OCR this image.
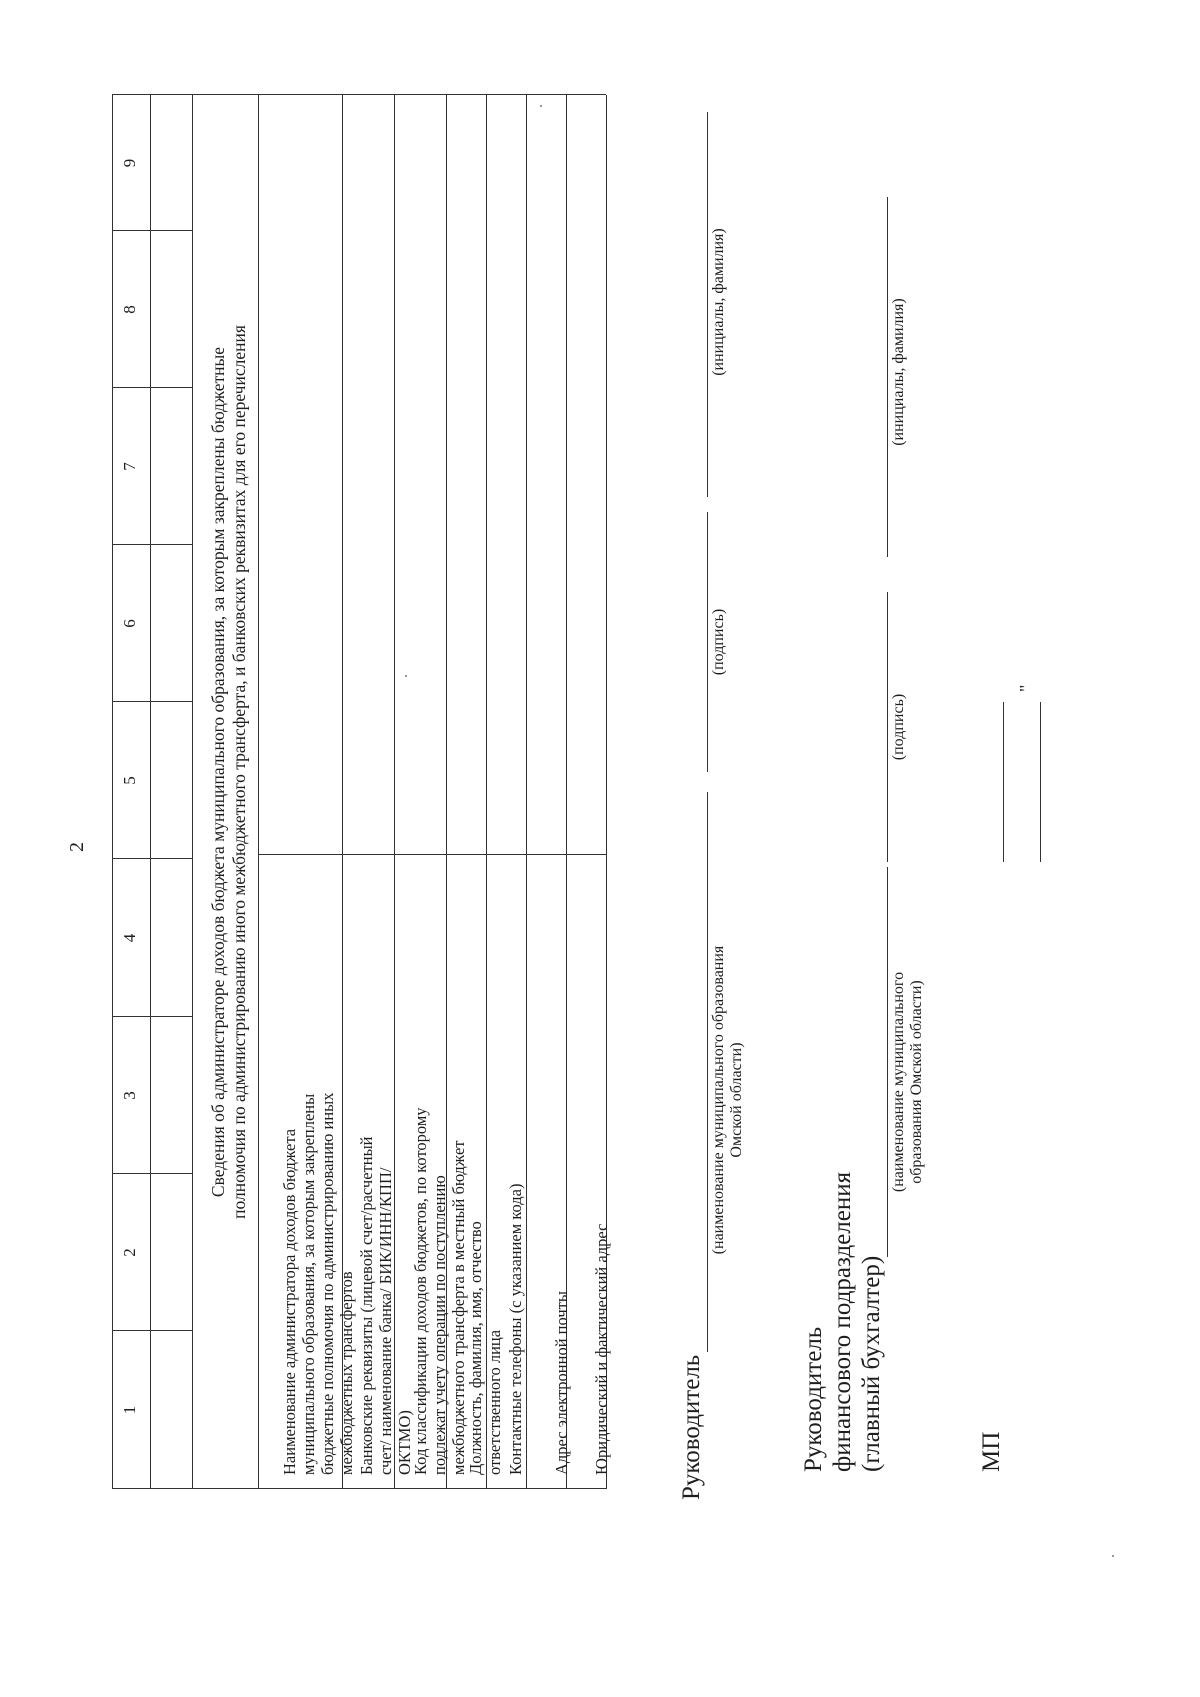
2
1
2
3
4
5
6
7
8
9
Сведения об администраторе доходов бюджета муниципального образования, за которым закреплены бюджетные полномочия по администрированию иного межбюджетного трансферта, и банковских реквизитах для его перечисления
Наименование администратора доходов бюджета муниципального образования, за которым закреплены бюджетные полномочия по администрированию иных межбюджетных трансфертов Банковские реквизиты (лицевой счет/расчетный счет/ наименование банка/ БИК/ИНН/КПП/ОКТМО)
Код классификации доходов бюджетов, по которому подлежат учету операции по поступлению межбюджетного трансферта в местный бюджет
Должность, фамилия, имя, отчество ответственного лица Контактные телефоны (с указанием кода) Адрес электронной почты Юридический и фактический адрес	Руководитель
(наименование муниципального образования Омской области)
(подпись)
(инициалы, фамилия)
Руководитель финансового подразделения (главный бухгалтер)
(наименование муниципального образования Омской области)
(подпись)
(инициалы, фамилия)
МП
"
